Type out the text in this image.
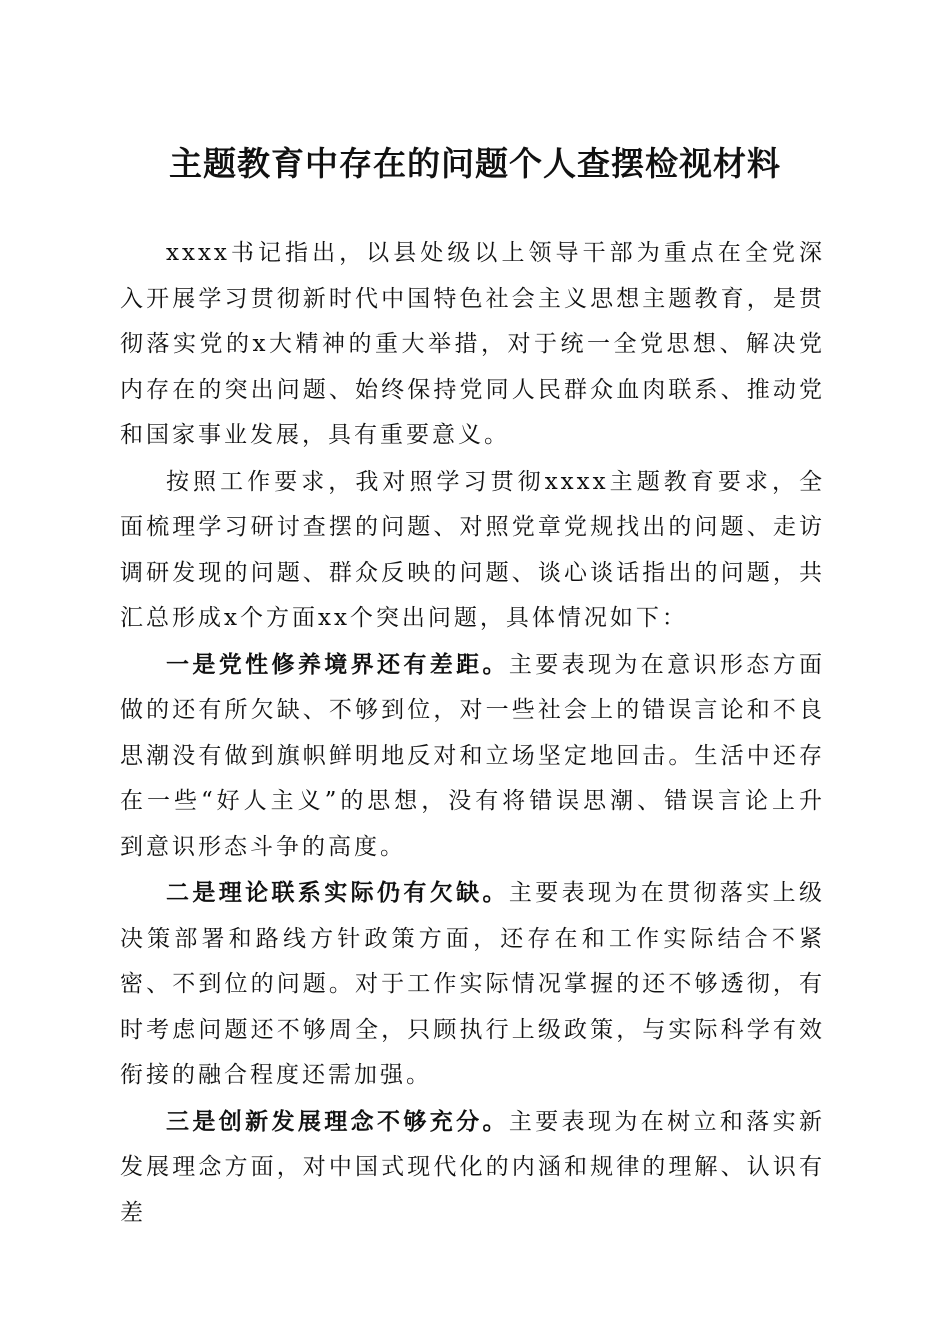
主题教育中存在的问题个人查摆检视材料

xxxx书记指出，以县处级以上领导干部为重点在全党深入开展学习贯彻新时代中国特色社会主义思想主题教育，是贯彻落实党的x大精神的重大举措，对于统一全党思想、解决党内存在的突出问题、始终保持党同人民群众血肉联系、推动党和国家事业发展，具有重要意义。

按照工作要求，我对照学习贯彻xxxx主题教育要求，全面梳理学习研讨查摆的问题、对照党章党规找出的问题、走访调研发现的问题、群众反映的问题、谈心谈话指出的问题，共汇总形成x个方面xx个突出问题，具体情况如下：

一是党性修养境界还有差距。主要表现为在意识形态方面做的还有所欠缺、不够到位，对一些社会上的错误言论和不良思潮没有做到旗帜鲜明地反对和立场坚定地回击。生活中还存在一些“好人主义”的思想，没有将错误思潮、错误言论上升到意识形态斗争的高度。

二是理论联系实际仍有欠缺。主要表现为在贯彻落实上级决策部署和路线方针政策方面，还存在和工作实际结合不紧密、不到位的问题。对于工作实际情况掌握的还不够透彻，有时考虑问题还不够周全，只顾执行上级政策，与实际科学有效衔接的融合程度还需加强。

三是创新发展理念不够充分。主要表现为在树立和落实新发展理念方面，对中国式现代化的内涵和规律的理解、认识有差
